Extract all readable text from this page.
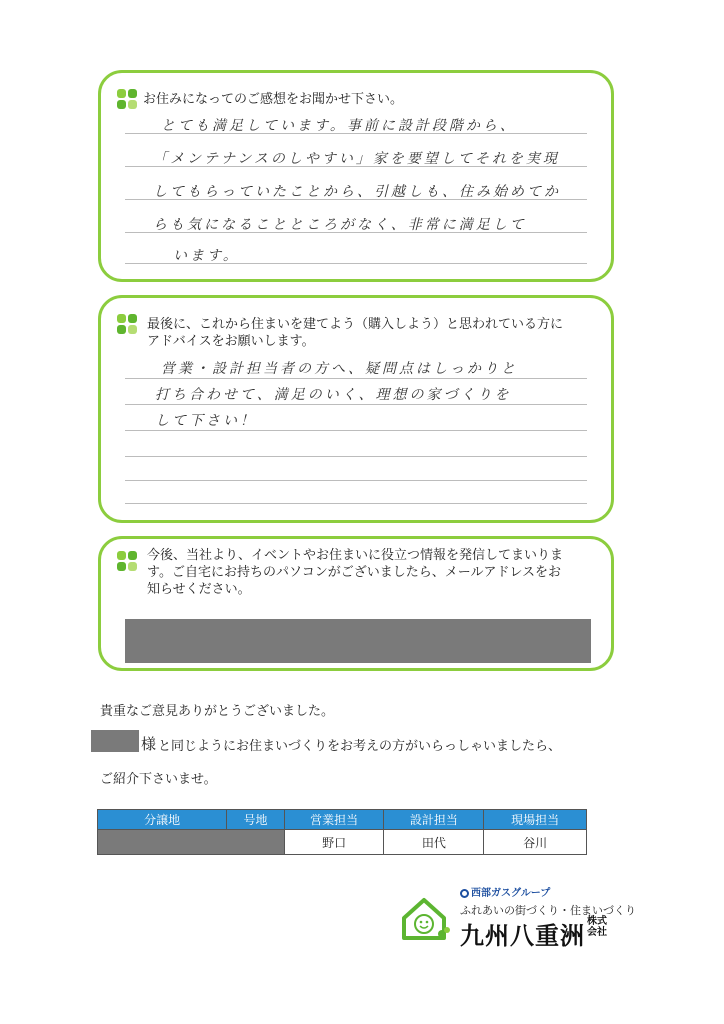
お住みになってのご感想をお聞かせ下さい。
とても満足しています。事前に設計段階から、
「メンテナンスのしやすい」家を要望してそれを実現
してもらっていたことから、引越しも、住み始めてか
らも気になることところがなく、非常に満足して
います。
最後に、これから住まいを建てよう（購入しよう）と思われている方にアドバイスをお願いします。
営業・設計担当者の方へ、疑問点はしっかりと
打ち合わせて、満足のいく、理想の家づくりを
して下さい！
今後、当社より、イベントやお住まいに役立つ情報を発信してまいります。ご自宅にお持ちのパソコンがございましたら、メールアドレスをお知らせください。
貴重なご意見ありがとうございました。
様 と同じようにお住まいづくりをお考えの方がいらっしゃいましたら、
ご紹介下さいませ。
分譲地	号地	営業担当	設計担当	現場担当
		野口	田代	谷川
西部ガスグループ
ふれあいの街づくり・住まいづくり
九州八重洲株式会社
